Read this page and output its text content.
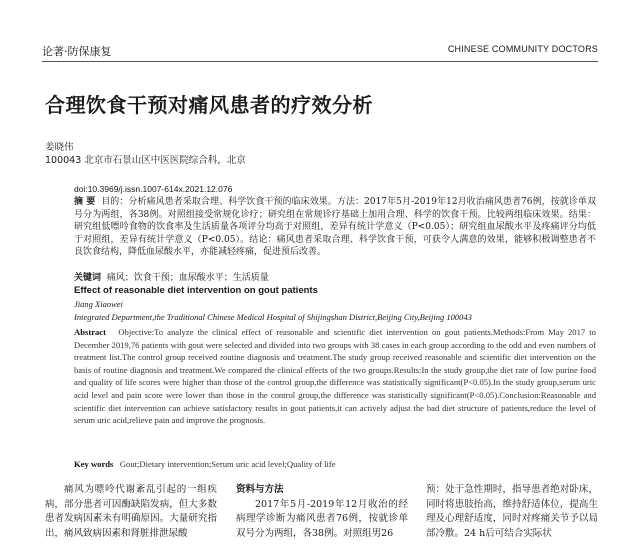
论著·防保康复	CHINESE COMMUNITY DOCTORS
合理饮食干预对痛风患者的疗效分析
姜晓伟
100043 北京市石景山区中医医院综合科，北京
doi:10.3969/j.issn.1007-614x.2021.12.076
摘 要 目的：分析痛风患者采取合理、科学饮食干预的临床效果。方法：2017年5月-2019年12月收治痛风患者76例，按就诊单双号分为两组，各38例。对照组接受常规化诊疗；研究组在常规诊疗基础上加用合理、科学的饮食干预。比较两组临床效果。结果：研究组低嘌呤食物的饮食率及生活质量各项评分均高于对照组，差异有统计学意义（P<0.05）；研究组血尿酸水平及疼痛评分均低于对照组，差异有统计学意义（P<0.05）。结论：痛风患者采取合理、科学饮食干预，可获令人满意的效果，能够积极调整患者不良饮食结构，降低血尿酸水平，亦能减轻疼痛，促进预后改善。
关键词 痛风；饮食干预；血尿酸水平；生活质量
Effect of reasonable diet intervention on gout patients
Jiang Xiaowei
Integrated Department,the Traditional Chinese Medical Hospital of Shijingshan District,Beijing City,Beijing 100043
Abstract Objective:To analyze the clinical effect of reasonable and scientific diet intervention on gout patients.Methods:From May 2017 to December 2019,76 patients with gout were selected and divided into two groups with 38 cases in each group according to the odd and even numbers of treatment list.The control group received routine diagnosis and treatment.The study group received reasonable and scientific diet intervention on the basis of routine diagnosis and treatment.We compared the clinical effects of the two groups.Results:In the study group,the diet rate of low purine food and quality of life scores were higher than those of the control group,the difference was statistically significant(P<0.05).In the study group,serum uric acid level and pain score were lower than those in the control group,the difference was statistically significant(P<0.05).Conclusion:Reasonable and scientific diet intervention can achieve satisfactory results in gout patients,it can actively adjust the bad diet structure of patients,reduce the level of serum uric acid,relieve pain and improve the prognosis.
Key words Gout;Dietary intervention;Serum uric acid level;Quality of life
痛风为嘌呤代谢紊乱引起的一组疾病，部分患者可因酶缺陷发病，但大多数患者发病因素未有明确原因。大量研究指出，痛风致病因素和肾脏排泄尿酸
资料与方法
2017年5月-2019年12月收治的经病理学诊断为痛风患者76例，按就诊单双号分为两组，各38例。对照组男26
预：处于急性期时，指导患者绝对卧床，同时将患肢抬高，维持舒适体位，提高生理及心理舒适度，同时对疼痛关节予以局部冷敷。24 h后可结合实际状
